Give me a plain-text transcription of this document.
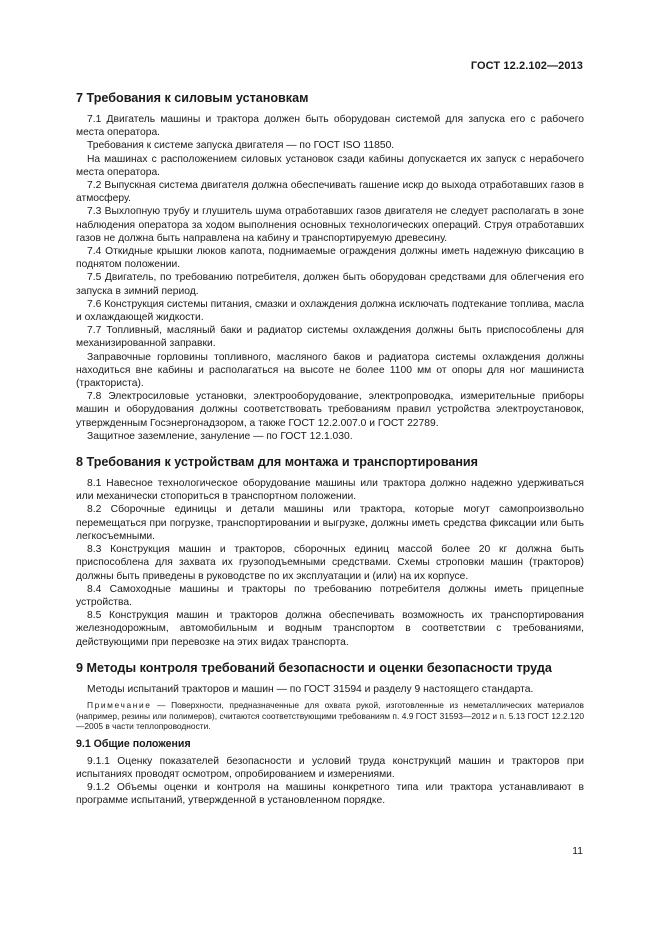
ГОСТ 12.2.102—2013
7 Требования к силовым установкам

7.1 Двигатель машины и трактора должен быть оборудован системой для запуска его с рабочего места оператора.

Требования к системе запуска двигателя — по ГОСТ ISO 11850.

На машинах с расположением силовых установок сзади кабины допускается их запуск с нерабочего места оператора.

7.2 Выпускная система двигателя должна обеспечивать гашение искр до выхода отработавших газов в атмосферу.

7.3 Выхлопную трубу и глушитель шума отработавших газов двигателя не следует располагать в зоне наблюдения оператора за ходом выполнения основных технологических операций. Струя отработавших газов не должна быть направлена на кабину и транспортируемую древесину.

7.4 Откидные крышки люков капота, поднимаемые ограждения должны иметь надежную фиксацию в поднятом положении.

7.5 Двигатель, по требованию потребителя, должен быть оборудован средствами для облегчения его запуска в зимний период.

7.6 Конструкция системы питания, смазки и охлаждения должна исключать подтекание топлива, масла и охлаждающей жидкости.

7.7 Топливный, масляный баки и радиатор системы охлаждения должны быть приспособлены для механизированной заправки.

Заправочные горловины топливного, масляного баков и радиатора системы охлаждения должны находиться вне кабины и располагаться на высоте не более 1100 мм от опоры для ног машиниста (тракториста).

7.8 Электросиловые установки, электрооборудование, электропроводка, измерительные приборы машин и оборудования должны соответствовать требованиям правил устройства электроустановок, утвержденным Госэнергонадзором, а также ГОСТ 12.2.007.0 и ГОСТ 22789.

Защитное заземление, зануление — по ГОСТ 12.1.030.

8 Требования к устройствам для монтажа и транспортирования

8.1 Навесное технологическое оборудование машины или трактора должно надежно удерживаться или механически стопориться в транспортном положении.

8.2 Сборочные единицы и детали машины или трактора, которые могут самопроизвольно перемещаться при погрузке, транспортировании и выгрузке, должны иметь средства фиксации или быть легкосъемными.

8.3 Конструкция машин и тракторов, сборочных единиц массой более 20 кг должна быть приспособлена для захвата их грузоподъемными средствами. Схемы строповки машин (тракторов) должны быть приведены в руководстве по их эксплуатации и (или) на их корпусе.

8.4 Самоходные машины и тракторы по требованию потребителя должны иметь прицепные устройства.

8.5 Конструкция машин и тракторов должна обеспечивать возможность их транспортирования железнодорожным, автомобильным и водным транспортом в соответствии с требованиями, действующими при перевозке на этих видах транспорта.

9 Методы контроля требований безопасности и оценки безопасности труда

Методы испытаний тракторов и машин — по ГОСТ 31594 и разделу 9 настоящего стандарта.

Примечание — Поверхности, предназначенные для охвата рукой, изготовленные из неметаллических материалов (например, резины или полимеров), считаются соответствующими требованиям п. 4.9 ГОСТ 31593—2012 и п. 5.13 ГОСТ 12.2.120—2005 в части теплопроводности.
9.1 Общие положения

9.1.1 Оценку показателей безопасности и условий труда конструкций машин и тракторов при испытаниях проводят осмотром, опробированием и измерениями.

9.1.2 Объемы оценки и контроля на машины конкретного типа или трактора устанавливают в программе испытаний, утвержденной в установленном порядке.

11
